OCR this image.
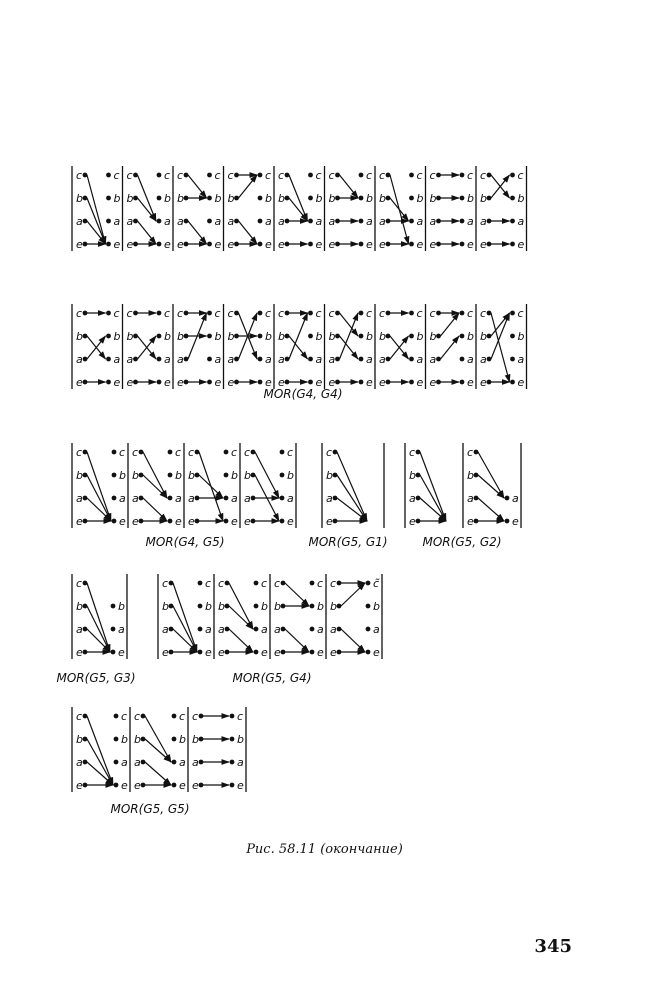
c
b
a
e
c
b
a
e
c
b
a
e
c
b
a
e
c
b
a
e
c
b
a
e
c
b
a
e
c
b
a
e
c
b
a
e
c
b
a
e
c
b
a
e
c
b
a
e
c
b
a
e
c
b
a
e
c
b
a
e
c
b
a
e
c
b
a
e
c
b
a
e
c
b
a
e
c
b
a
e
c
b
a
e
c
b
a
e
c
b
a
e
c
b
a
e
c
b
a
e
c
b
a
e
c
b
a
e
c
b
a
e
c
b
a
e
c
b
a
e
c
b
a
e
c
b
a
e
c
b
a
e
c
b
a
e
c
b
a
e
c
b
a
e
MOR(G4, G4)
c
b
a
e
c
b
a
e
c
b
a
e
c
b
a
e
c
b
a
e
c
b
a
e
c
b
a
e
c
b
a
e
MOR(G4, G5)
c
b
a
e
MOR(G5, G1)
c
b
a
e
c
b
a
e
a
e
MOR(G5, G2)
c
b
a
e
b
a
e
MOR(G5, G3)
c
b
a
e
c
b
a
e
c
b
a
e
c
b
a
e
c
b
a
e
c
b
a
e
c
b
a
e
c̃
b
a
e
MOR(G5, G4)
c
b
a
e
c
b
a
e
c
b
a
e
c
b
a
e
c
b
a
e
c
b
a
e
MOR(G5, G5)
Рис. 58.11 (окончание)
345
